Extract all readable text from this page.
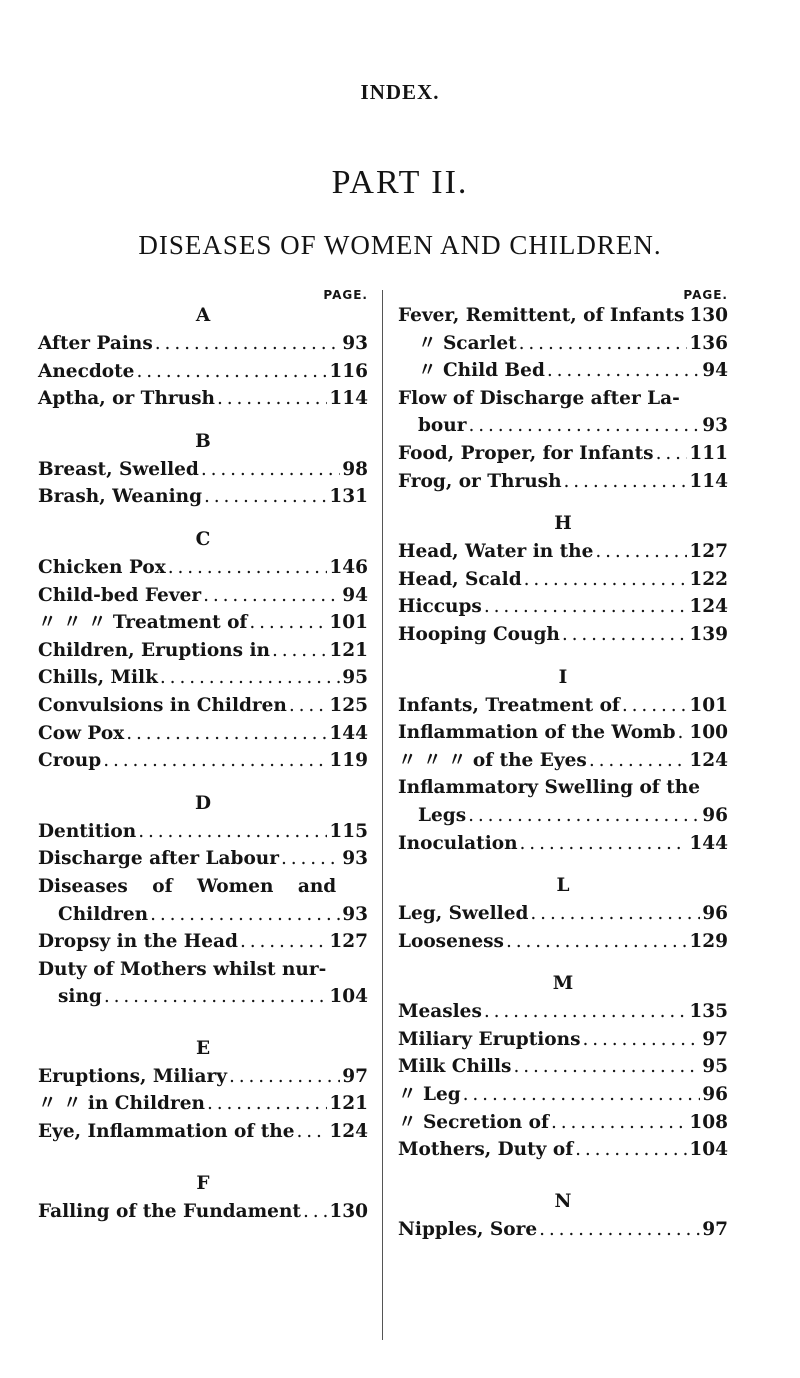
INDEX.
PART II.
DISEASES OF WOMEN AND CHILDREN.
PAGE.
A
After Pains . . .	93
Anecdote . . .	116
Aptha, or Thrush . . .	114
B
Breast, Swelled . . .	98
Brash, Weaning . . .	131
C
Chicken Pox . . .	146
Child-bed Fever . . .	94
〃 〃 〃 Treatment of . . .	101
Children, Eruptions in . . .	121
Chills, Milk . . .	95
Convulsions in Children . . . 125
Cow Pox . . .	144
Croup . . .	119
D
Dentition . . .	115
Discharge after Labour . . .	93
Diseases of Women and
Children . . .	93
Dropsy in the Head . . .	127
Duty of Mothers whilst nur-
sing . . .	104
E
Eruptions, Miliary . . .	97
〃 〃 in Children . . .	121
Eye, Inflammation of the . . . 124
F
Falling of the Fundament . . . 130
PAGE.
Fever, Remittent, of Infants . . . 130
〃 Scarlet . . .	136
〃 Child Bed . . .	94
Flow of Discharge after La-
bour . . .	93
Food, Proper, for Infants . . . 111
Frog, or Thrush . . .	114
H
Head, Water in the . . .	127
Head, Scald . . .	122
Hiccups . . .	124
Hooping Cough . . .	139
I
Infants, Treatment of . . .	101
Inflammation of the Womb . . . 100
〃 〃 〃 of the Eyes . . .	124
Inflammatory Swelling of the
Legs . . .	96
Inoculation . . .	144
L
Leg, Swelled . . .	96
Looseness . . .	129
M
Measles . . .	135
Miliary Eruptions . . .	97
Milk Chills . . .	95
〃 Leg . . .	96
〃 Secretion of . . .	108
Mothers, Duty of . . .	104
N
Nipples, Sore . . .	97
